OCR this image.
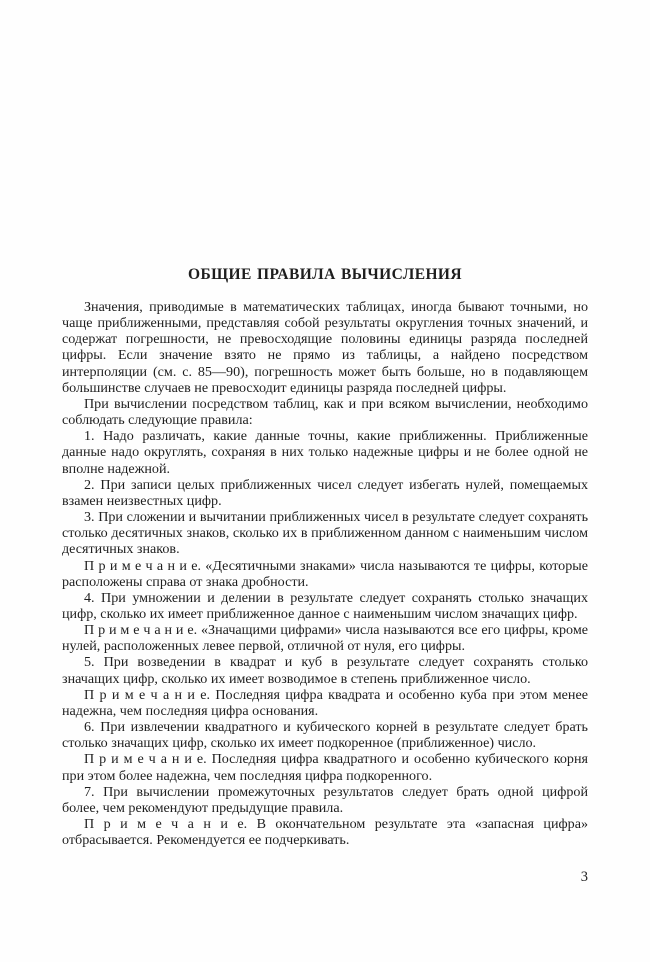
ОБЩИЕ ПРАВИЛА ВЫЧИСЛЕНИЯ

Значения, приводимые в математических таблицах, иногда бывают точными, но чаще приближенными, представляя собой результаты округления точных значений, и содержат погрешности, не превосходящие половины единицы разряда последней цифры. Если значение взято не прямо из таблицы, а найдено посредством интерполяции (см. с. 85—90), погрешность может быть больше, но в подавляющем большинстве случаев не превосходит единицы разряда последней цифры.

При вычислении посредством таблиц, как и при всяком вычислении, необходимо соблюдать следующие правила:

1. Надо различать, какие данные точны, какие приближенны. Приближенные данные надо округлять, сохраняя в них только надежные цифры и не более одной не вполне надежной.

2. При записи целых приближенных чисел следует избегать нулей, помещаемых взамен неизвестных цифр.

3. При сложении и вычитании приближенных чисел в результате следует сохранять столько десятичных знаков, сколько их в приближенном данном с наименьшим числом десятичных знаков.

П р и м е ч а н и е. «Десятичными знаками» числа называются те цифры, которые расположены справа от знака дробности.

4. При умножении и делении в результате следует сохранять столько значащих цифр, сколько их имеет приближенное данное с наименьшим числом значащих цифр.

П р и м е ч а н и е. «Значащими цифрами» числа называются все его цифры, кроме нулей, расположенных левее первой, отличной от нуля, его цифры.

5. При возведении в квадрат и куб в результате следует сохранять столько значащих цифр, сколько их имеет возводимое в степень приближенное число.

П р и м е ч а н и е. Последняя цифра квадрата и особенно куба при этом менее надежна, чем последняя цифра основания.

6. При извлечении квадратного и кубического корней в результате следует брать столько значащих цифр, сколько их имеет подкоренное (приближенное) число.

П р и м е ч а н и е. Последняя цифра квадратного и особенно кубического корня при этом более надежна, чем последняя цифра подкоренного.

7. При вычислении промежуточных результатов следует брать одной цифрой более, чем рекомендуют предыдущие правила.

П р и м е ч а н и е. В окончательном результате эта «запасная цифра» отбрасывается. Рекомендуется ее подчеркивать.

3
